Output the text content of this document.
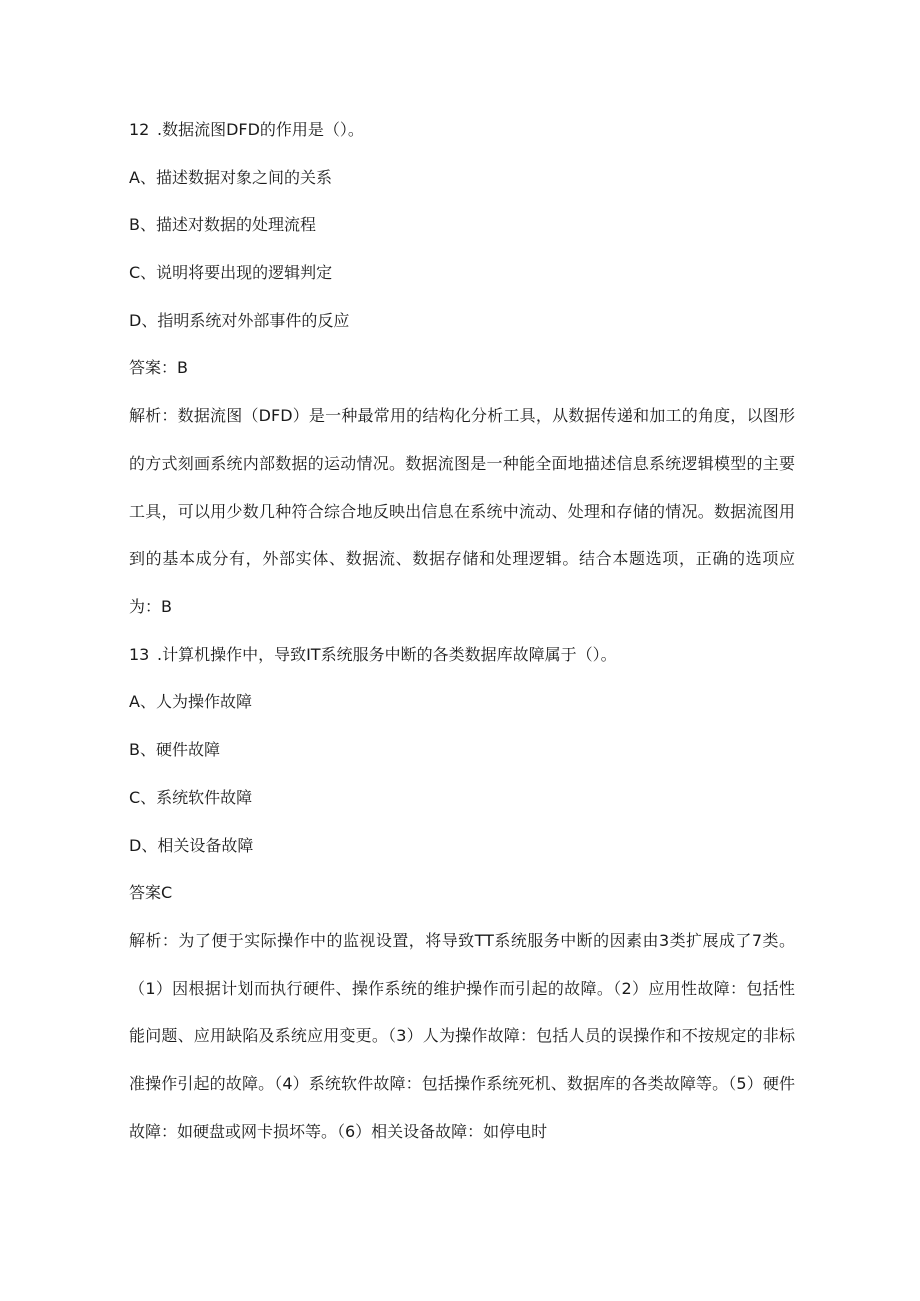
12 .数据流图DFD的作用是（）。

A、描述数据对象之间的关系

B、描述对数据的处理流程

C、说明将要出现的逻辑判定

D、指明系统对外部事件的反应

答案：B

解析：数据流图（DFD）是一种最常用的结构化分析工具，从数据传递和加工的角度，以图形的方式刻画系统内部数据的运动情况。数据流图是一种能全面地描述信息系统逻辑模型的主要工具，可以用少数几种符合综合地反映出信息在系统中流动、处理和存储的情况。数据流图用到的基本成分有，外部实体、数据流、数据存储和处理逻辑。结合本题选项，正确的选项应为：B

13 .计算机操作中，导致IT系统服务中断的各类数据库故障属于（）。

A、人为操作故障

B、硬件故障

C、系统软件故障

D、相关设备故障

答案C

解析：为了便于实际操作中的监视设置，将导致TT系统服务中断的因素由3类扩展成了7类。（1）因根据计划而执行硬件、操作系统的维护操作而引起的故障。（2）应用性故障：包括性能问题、应用缺陷及系统应用变更。（3）人为操作故障：包括人员的误操作和不按规定的非标准操作引起的故障。（4）系统软件故障：包括操作系统死机、数据库的各类故障等。（5）硬件故障：如硬盘或网卡损坏等。（6）相关设备故障：如停电时
